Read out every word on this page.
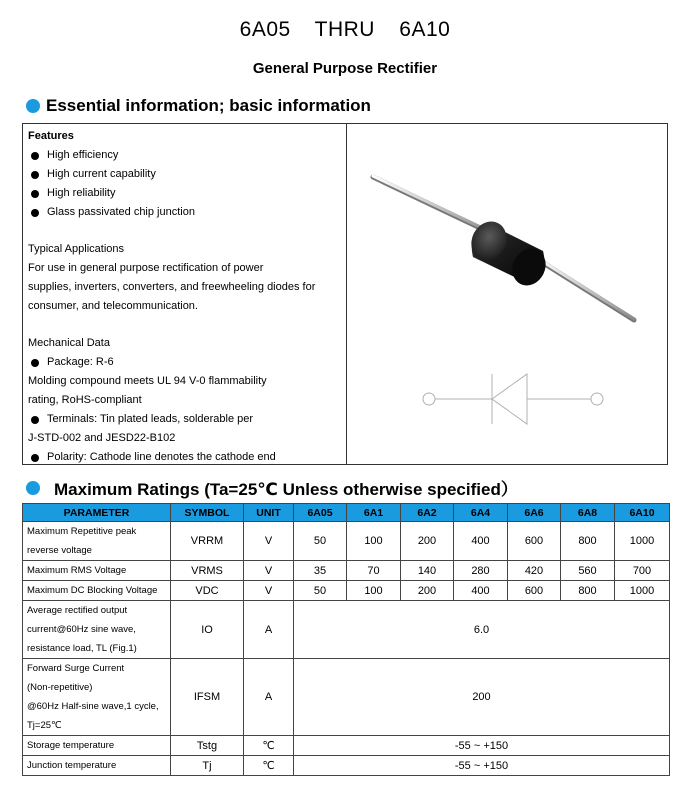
6A05 THRU 6A10
General Purpose Rectifier
Essential information; basic information
Features
High efficiency
High current capability
High reliability
Glass passivated chip junction
Typical Applications
For use in general purpose rectification of power
supplies, inverters, converters, and freewheeling diodes for
consumer, and telecommunication.
Mechanical Data
Package: R-6
Molding compound meets UL 94 V-0 flammability
rating, RoHS-compliant
Terminals: Tin plated leads, solderable per
J-STD-002 and JESD22-B102
Polarity: Cathode line denotes the cathode end
Maximum Ratings (Ta=25℃ Unless otherwise specified）
PARAMETER	SYMBOL	UNIT	6A05	6A1	6A2	6A4	6A6	6A8	6A10

Maximum Repetitive peak
reverse voltage	VRRM	V	50	100	200	400	600	800	1000
Maximum RMS Voltage	VRMS	V	35	70	140	280	420	560	700
Maximum DC Blocking Voltage	VDC	V	50	100	200	400	600	800	1000

Average rectified output
current@60Hz sine wave,
resistance load, TL (Fig.1)	IO	A	6.0						

Forward Surge Current
(Non-repetitive)
@60Hz Half-sine wave,1 cycle,
Tj=25℃	IFSM	A	200						
Storage temperature	Tstg	℃	-55 ~ +150						
Junction temperature	Tj	℃	-55 ~ +150						
